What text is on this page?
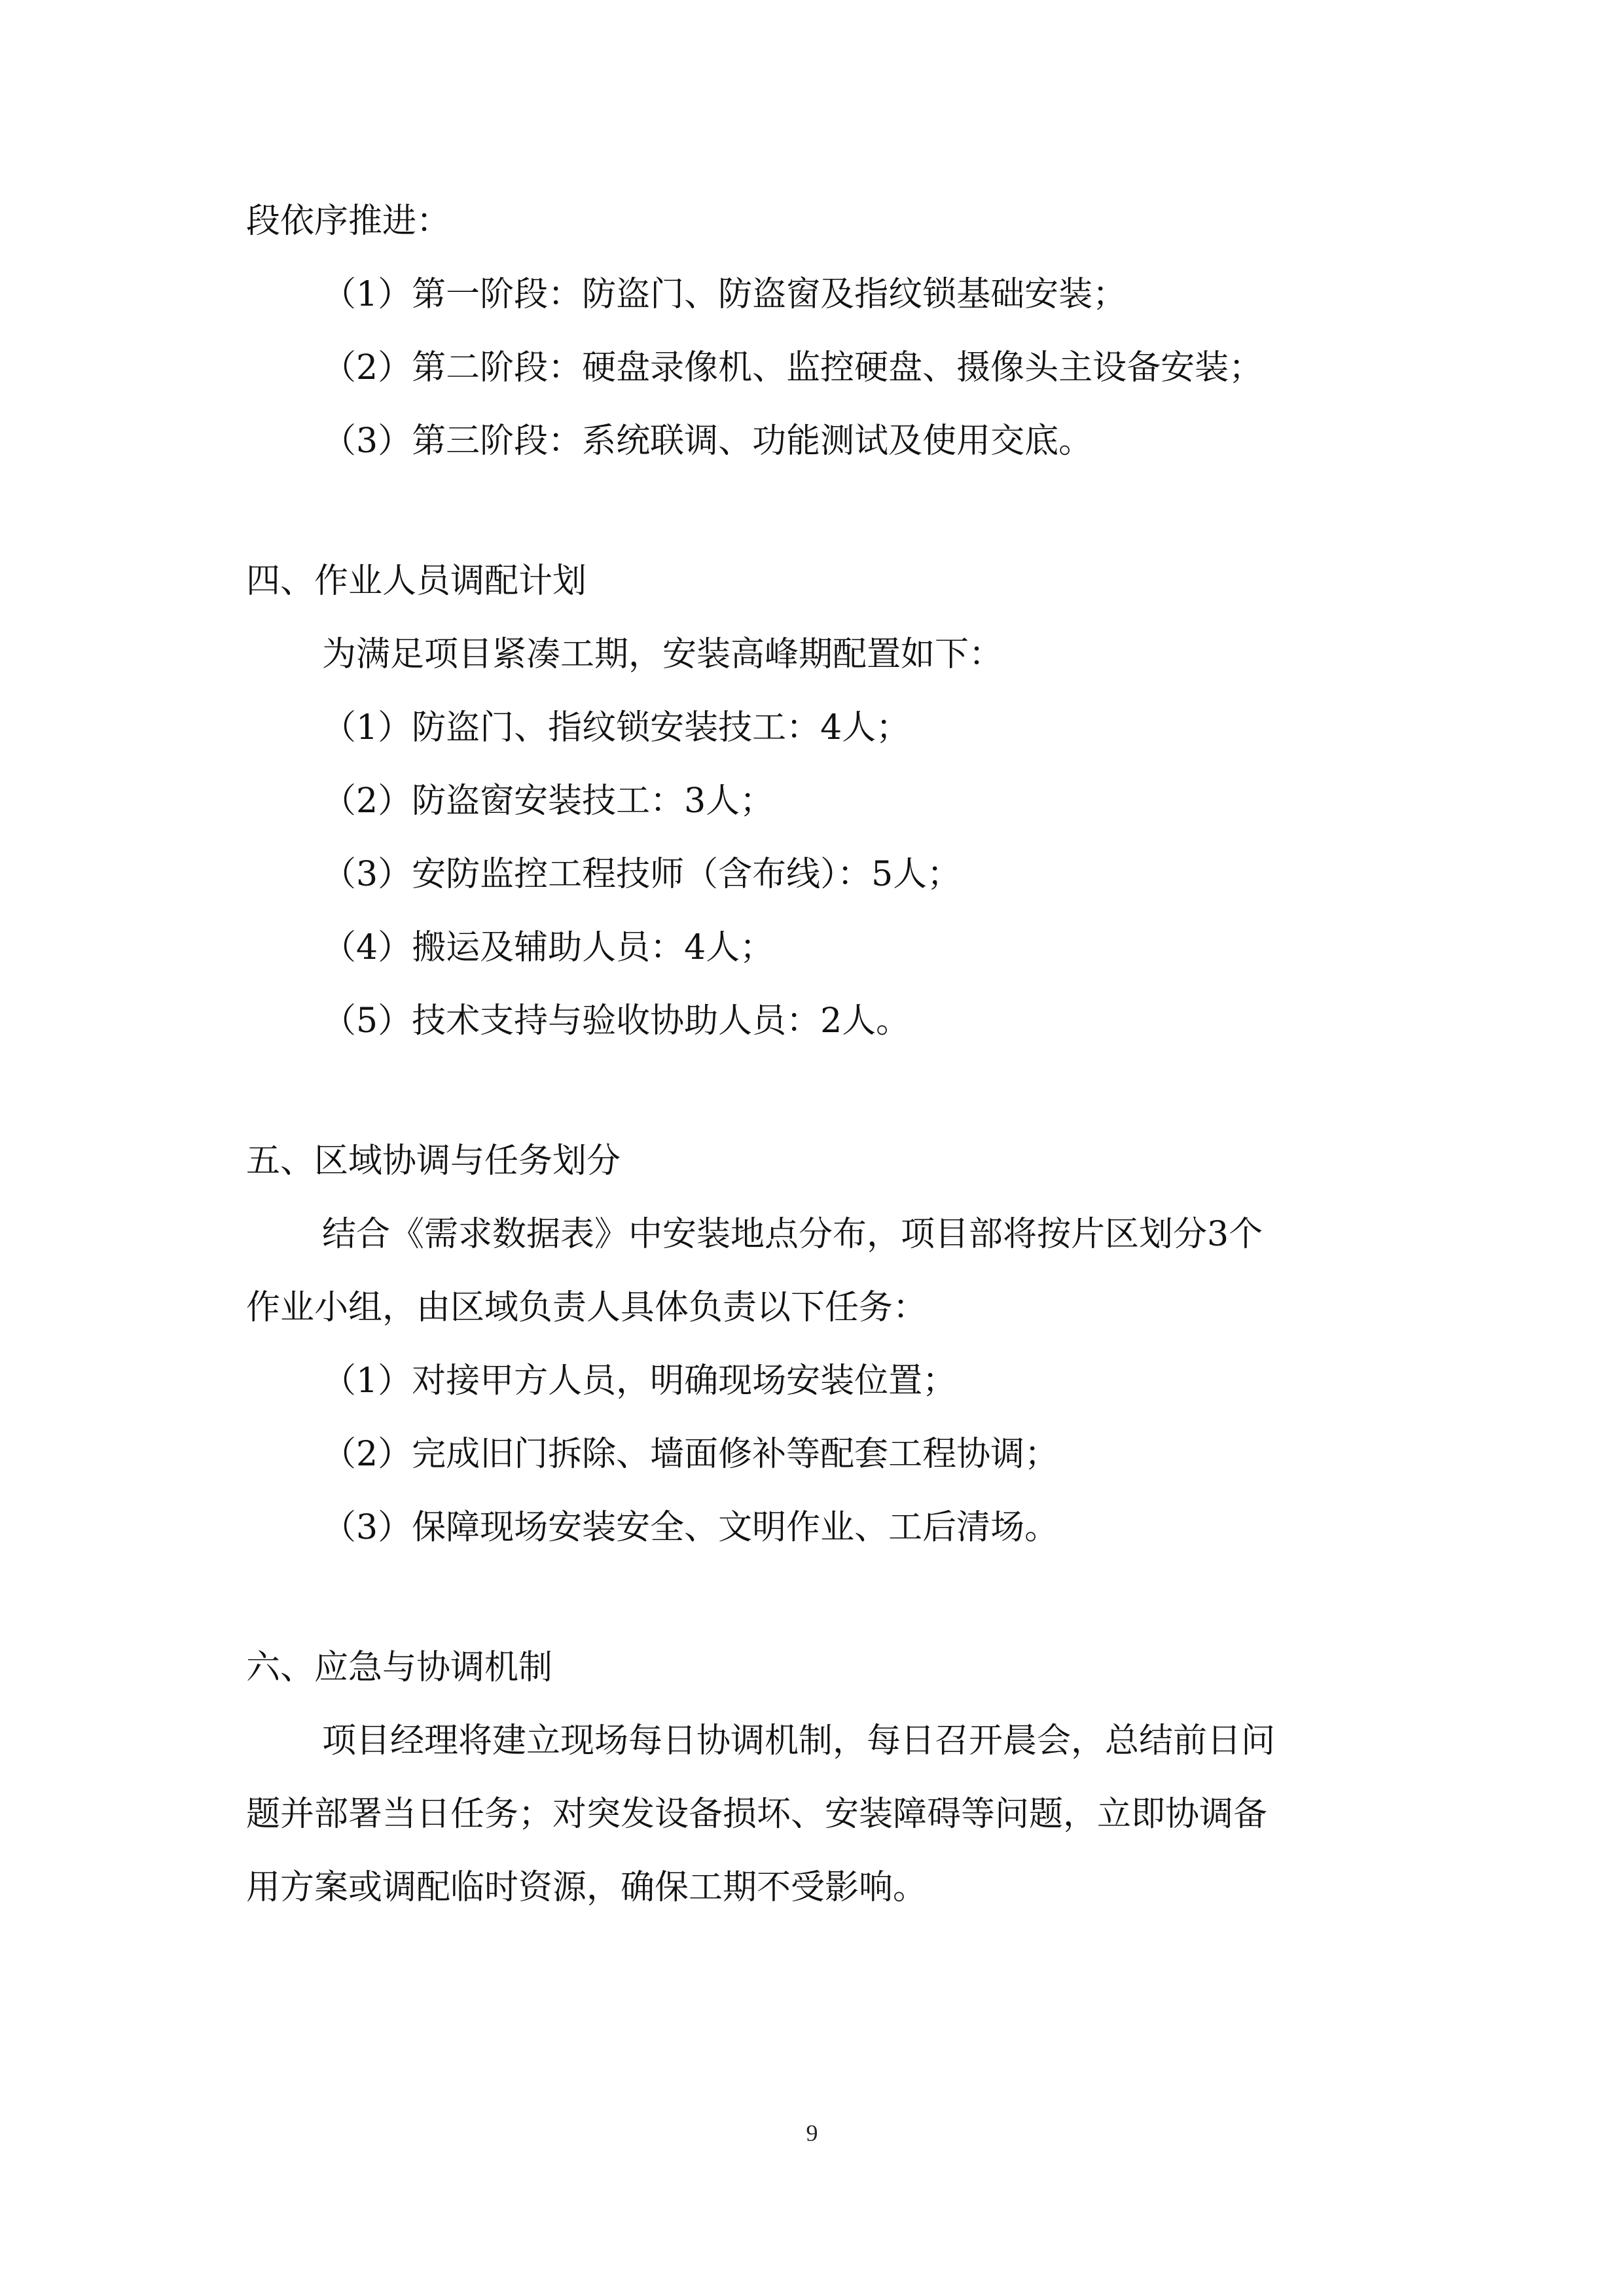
段依序推进：

（1）第一阶段：防盗门、防盗窗及指纹锁基础安装；

（2）第二阶段：硬盘录像机、监控硬盘、摄像头主设备安装；

（3）第三阶段：系统联调、功能测试及使用交底。

四、作业人员调配计划

为满足项目紧凑工期，安装高峰期配置如下：

（1）防盗门、指纹锁安装技工：4人；

（2）防盗窗安装技工：3人；

（3）安防监控工程技师（含布线）：5人；

（4）搬运及辅助人员：4人；

（5）技术支持与验收协助人员：2人。

五、区域协调与任务划分

结合《需求数据表》中安装地点分布，项目部将按片区划分3个

作业小组，由区域负责人具体负责以下任务：

（1）对接甲方人员，明确现场安装位置；

（2）完成旧门拆除、墙面修补等配套工程协调；

（3）保障现场安装安全、文明作业、工后清场。

六、应急与协调机制

项目经理将建立现场每日协调机制，每日召开晨会，总结前日问

题并部署当日任务；对突发设备损坏、安装障碍等问题，立即协调备

用方案或调配临时资源，确保工期不受影响。

9
